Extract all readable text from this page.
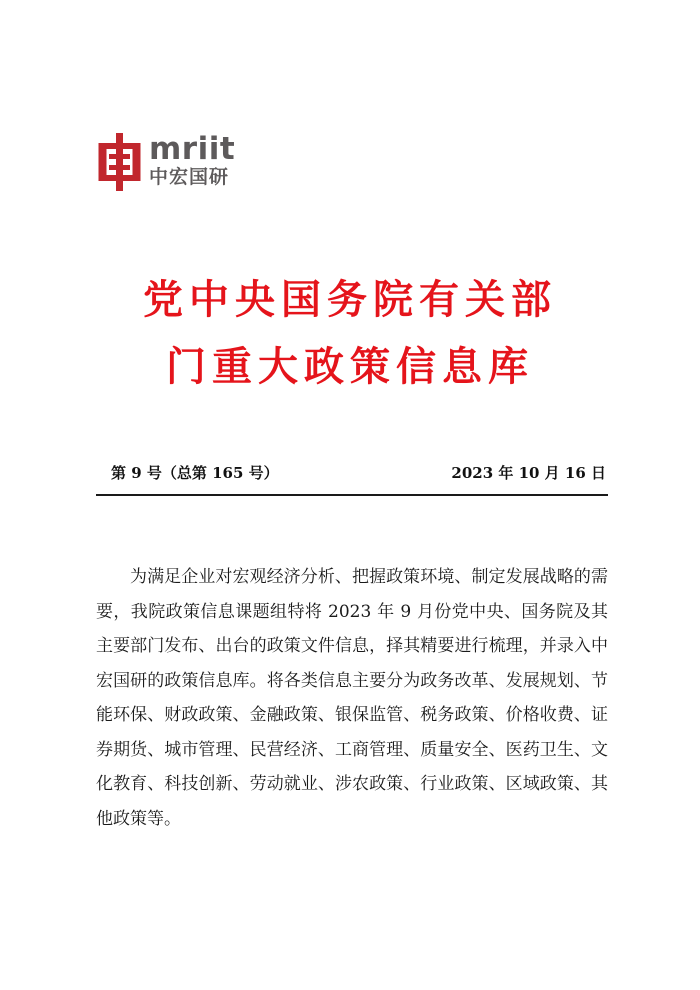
mriit
中宏国研
党中央国务院有关部
门重大政策信息库
第 9 号（总第 165 号）	2023 年 10 月 16 日

为满足企业对宏观经济分析、把握政策环境、制定发展战略的需要，我院政策信息课题组特将 2023 年 9 月份党中央、国务院及其主要部门发布、出台的政策文件信息，择其精要进行梳理，并录入中宏国研的政策信息库。将各类信息主要分为政务改革、发展规划、节能环保、财政政策、金融政策、银保监管、税务政策、价格收费、证券期货、城市管理、民营经济、工商管理、质量安全、医药卫生、文化教育、科技创新、劳动就业、涉农政策、行业政策、区域政策、其他政策等。
